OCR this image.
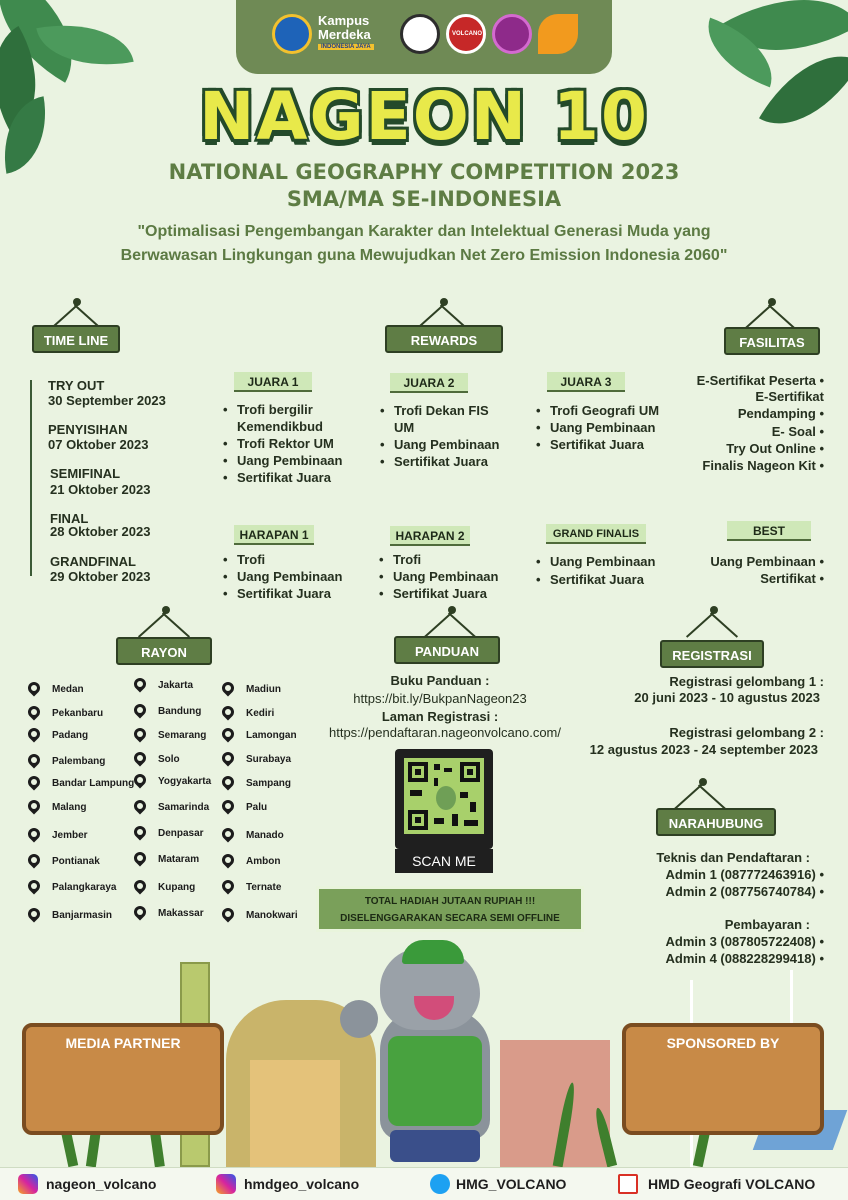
Kampus Merdeka
INDONESIA JAYA
VOLCANO
NAGEON 10
NATIONAL GEOGRAPHY COMPETITION 2023
SMA/MA SE-INDONESIA
"Optimalisasi Pengembangan Karakter dan Intelektual Generasi Muda yang Berwawasan Lingkungan guna Mewujudkan Net Zero Emission Indonesia 2060"
TIME LINE
TRY OUT
30 September 2023
PENYISIHAN
07 Oktober 2023
SEMIFINAL
21 Oktober 2023
FINAL
28 Oktober 2023
GRANDFINAL
29 Oktober 2023
REWARDS
JUARA 1
• Trofi bergilir Kemendikbud
• Trofi Rektor UM
• Uang Pembinaan
• Sertifikat Juara
JUARA 2
• Trofi Dekan FIS UM
• Uang Pembinaan
• Sertifikat Juara
JUARA 3
• Trofi Geografi UM
• Uang Pembinaan
• Sertifikat Juara
HARAPAN 1
• Trofi
• Uang Pembinaan
• Sertifikat Juara
HARAPAN 2
• Trofi
• Uang Pembinaan
• Sertifikat Juara
GRAND FINALIS
• Uang Pembinaan
• Sertifikat Juara
BEST
Uang Pembinaan •
Sertifikat •
FASILITAS
E-Sertifikat Peserta •
E-Sertifikat Pendamping •
E- Soal •
Try Out Online •
Finalis Nageon Kit •
RAYON
Medan
Pekanbaru
Padang
Palembang
Bandar Lampung
Malang
Jember
Pontianak
Palangkaraya
Banjarmasin
Jakarta
Bandung
Semarang
Solo
Yogyakarta
Samarinda
Denpasar
Mataram
Kupang
Makassar
Madiun
Kediri
Lamongan
Surabaya
Sampang
Palu
Manado
Ambon
Ternate
Manokwari
PANDUAN
Buku Panduan :
https://bit.ly/BukpanNageon23
Laman Registrasi :
https://pendaftaran.nageonvolcano.com/
SCAN ME
TOTAL HADIAH JUTAAN RUPIAH !!!
DISELENGGARAKAN SECARA SEMI OFFLINE
REGISTRASI
Registrasi gelombang 1 :
20 juni 2023 - 10 agustus 2023
Registrasi gelombang 2 :
12 agustus 2023 - 24 september 2023
NARAHUBUNG
Teknis dan Pendaftaran :
Admin 1 (087772463916) •
Admin 2 (087756740784) •
Pembayaran :
Admin 3 (087805722408) •
Admin 4 (088228299418) •
MEDIA PARTNER	SPONSORED BY
nageon_volcano	hmdgeo_volcano	HMG_VOLCANO	HMD Geografi VOLCANO
